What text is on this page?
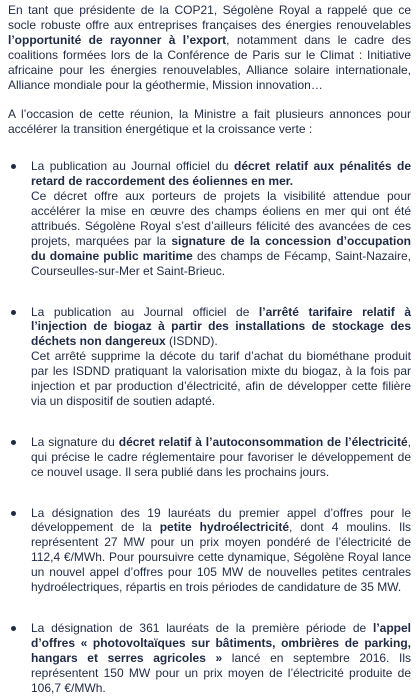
En tant que présidente de la COP21, Ségolène Royal a rappelé que ce socle robuste offre aux entreprises françaises des énergies renouvelables l’opportunité de rayonner à l’export, notamment dans le cadre des coalitions formées lors de la Conférence de Paris sur le Climat : Initiative africaine pour les énergies renouvelables, Alliance solaire internationale, Alliance mondiale pour la géothermie, Mission innovation…

A l’occasion de cette réunion, la Ministre a fait plusieurs annonces pour accélérer la transition énergétique et la croissance verte :

La publication au Journal officiel du décret relatif aux pénalités de retard de raccordement des éoliennes en mer.
Ce décret offre aux porteurs de projets la visibilité attendue pour accélérer la mise en œuvre des champs éoliens en mer qui ont été attribués. Ségolène Royal s’est d’ailleurs félicité des avancées de ces projets, marquées par la signature de la concession d’occupation du domaine public maritime des champs de Fécamp, Saint-Nazaire, Courseulles-sur-Mer et Saint-Brieuc.
La publication au Journal officiel de l’arrêté tarifaire relatif à l’injection de biogaz à partir des installations de stockage des déchets non dangereux (ISDND).
Cet arrêté supprime la décote du tarif d’achat du biométhane produit par les ISDND pratiquant la valorisation mixte du biogaz, à la fois par injection et par production d’électricité, afin de développer cette filière via un dispositif de soutien adapté.
La signature du décret relatif à l’autoconsommation de l’électricité, qui précise le cadre réglementaire pour favoriser le développement de ce nouvel usage. Il sera publié dans les prochains jours.
La désignation des 19 lauréats du premier appel d’offres pour le développement de la petite hydroélectricité, dont 4 moulins. Ils représentent 27 MW pour un prix moyen pondéré de l’électricité de 112,4 €/MWh. Pour poursuivre cette dynamique, Ségolène Royal lance un nouvel appel d’offres pour 105 MW de nouvelles petites centrales hydroélectriques, répartis en trois périodes de candidature de 35 MW.
La désignation de 361 lauréats de la première période de l’appel d’offres « photovoltaïques sur bâtiments, ombrières de parking, hangars et serres agricoles » lancé en septembre 2016. Ils représentent 150 MW pour un prix moyen de l’électricité produite de 106,7 €/MWh.
